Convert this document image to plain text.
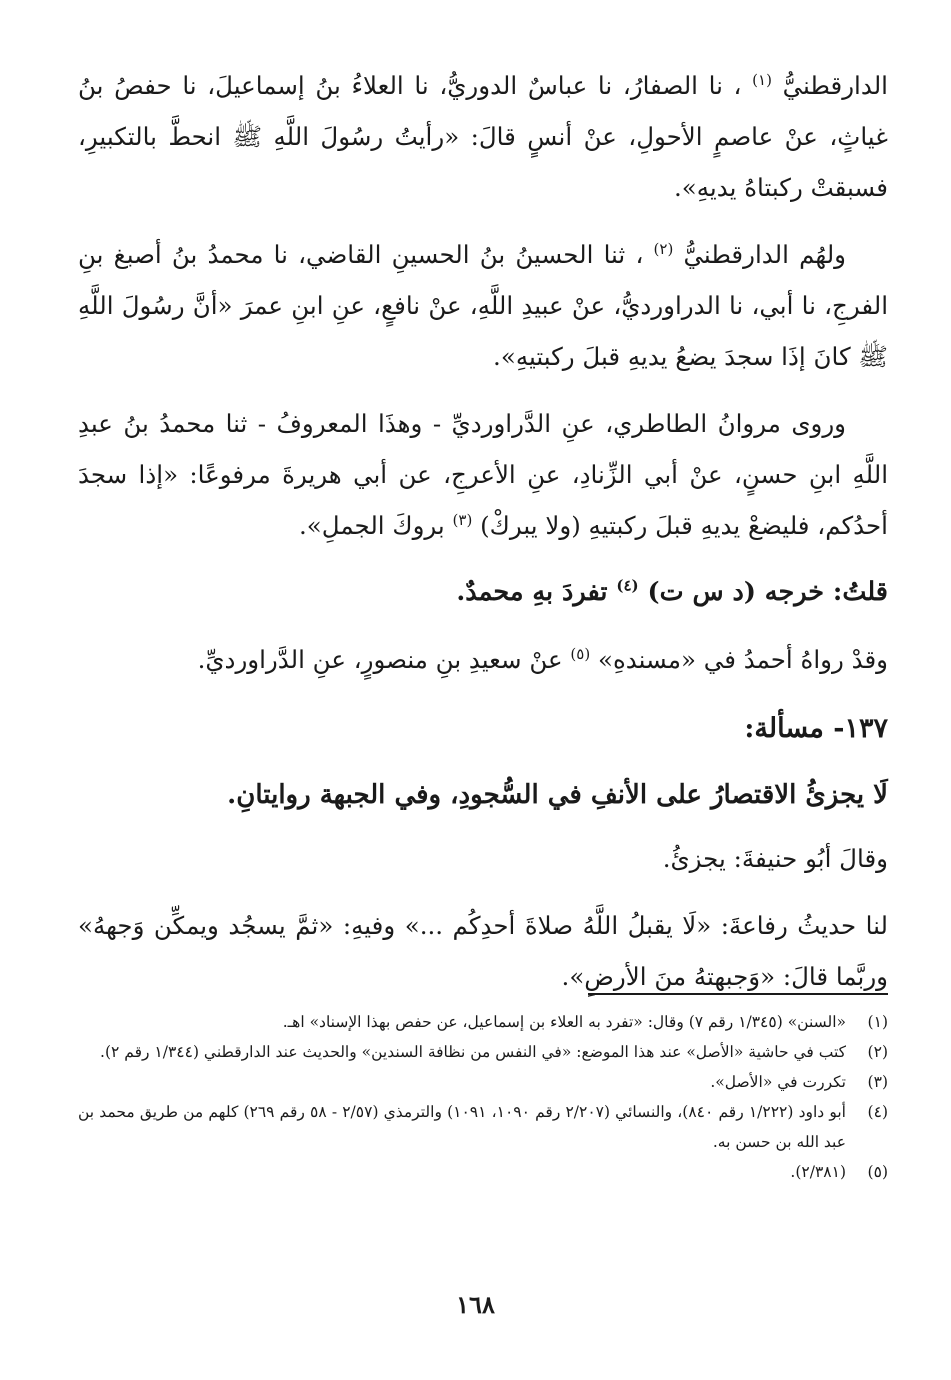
الدارقطنيُّ $^{(١)}$ ، نا الصفارُ، نا عباسٌ الدوريُّ، نا العلاءُ بنُ إسماعيلَ، نا حفصُ بنُ غياثٍ، عنْ عاصمٍ الأحولِ، عنْ أنسٍ قالَ: «رأيتُ رسُولَ اللَّهِ ﷺ انحطَّ بالتكبيرِ، فسبقتْ ركبتاهُ يديهِ».

ولهُم الدارقطنيُّ $^{(٢)}$ ، ثنا الحسينُ بنُ الحسينِ القاضي، نا محمدُ بنُ أصبغ بنِ الفرجِ، نا أبي، نا الدراورديُّ، عنْ عبيدِ اللَّهِ، عنْ نافعٍ، عنِ ابنِ عمرَ «أنَّ رسُولَ اللَّهِ ﷺ كانَ إذَا سجدَ يضعُ يديهِ قبلَ ركبتيهِ».

وروى مروانُ الطاطري، عنِ الدَّراورديِّ - وهذَا المعروفُ - ثنا محمدُ بنُ عبدِ اللَّهِ ابنِ حسنٍ، عنْ أبي الزِّنادِ، عنِ الأعرجِ، عن أبي هريرةَ مرفوعًا: «إذا سجدَ أحدُكم، فليضعْ يديهِ قبلَ ركبتيهِ (ولا يبركْ) $^{(٣)}$ بروكَ الجملِ».

قلتُ: خرجه (د س ت) $^{(٤)}$ تفردَ بهِ محمدٌ.

وقدْ رواهُ أحمدُ في «مسندهِ» $^{(٥)}$ عنْ سعيدِ بنِ منصورٍ، عنِ الدَّراورديِّ.

١٣٧- مسألة:
لَا يجزئُ الاقتصارُ على الأنفِ في السُّجودِ، وفي الجبهة روايتانِ.

وقالَ أبُو حنيفةَ: يجزئُ.

لنا حديثُ رفاعةَ: «لَا يقبلُ اللَّهُ صلاةَ أحدِكُم ...» وفيهِ: «ثمَّ يسجُد ويمكِّن وَجههُ» وربَّما قالَ: «وَجبهتهُ منَ الأرضِ».

(١)
«السنن» (١/٣٤٥ رقم ٧) وقال: «تفرد به العلاء بن إسماعيل، عن حفص بهذا الإسناد» اهـ.
(٢)
كتب في حاشية «الأصل» عند هذا الموضع: «في النفس من نظافة السندين» والحديث عند الدارقطني (١/٣٤٤ رقم ٢).
(٣)
تكررت في «الأصل».
(٤)
أبو داود (١/٢٢٢ رقم ٨٤٠)، والنسائي (٢/٢٠٧ رقم ١٠٩٠، ١٠٩١) والترمذي (٢/٥٧ - ٥٨ رقم ٢٦٩) كلهم من طريق محمد بن عبد الله بن حسن به.
(٥)
(٢/٣٨١).
١٦٨
